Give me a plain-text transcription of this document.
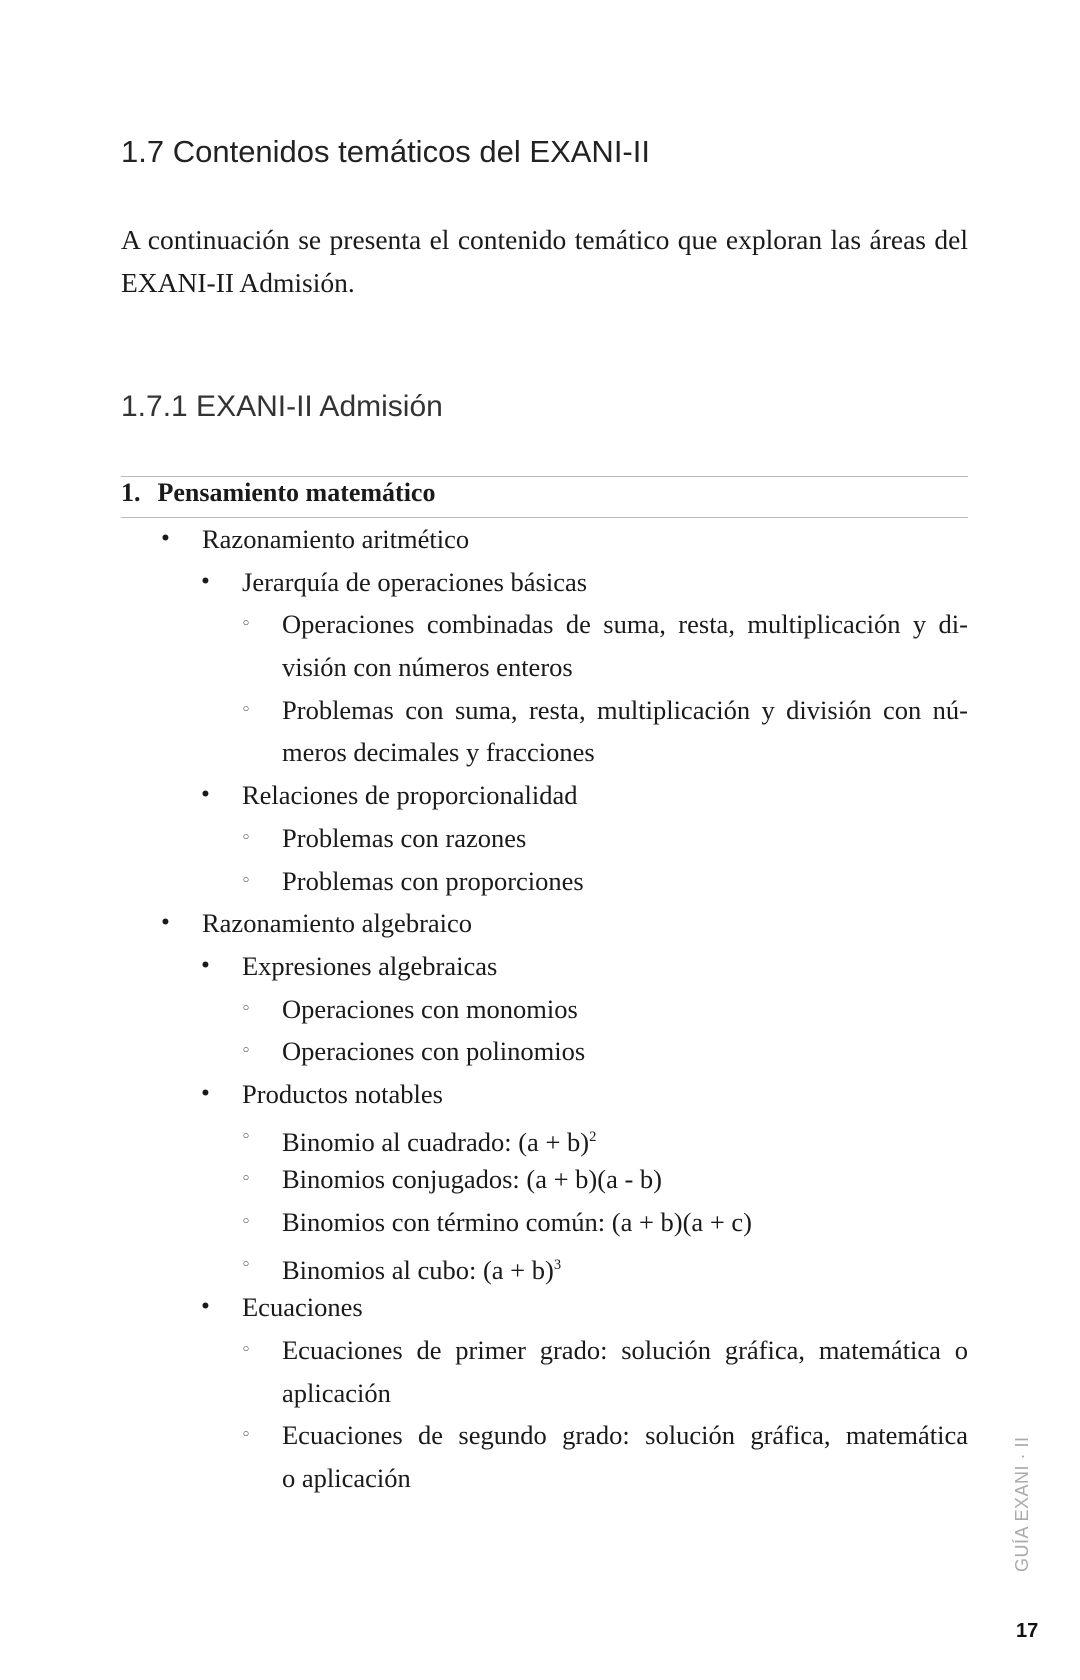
1.7 Contenidos temáticos del EXANI-II
A continuación se presenta el contenido temático que exploran las áreas del EXANI-II Admisión.
1.7.1 EXANI-II Admisión
1. Pensamiento matemático
• Razonamiento aritmético
• Jerarquía de operaciones básicas
◦ Operaciones combinadas de suma, resta, multiplicación y di-
visión con números enteros
◦ Problemas con suma, resta, multiplicación y división con nú-
meros decimales y fracciones
• Relaciones de proporcionalidad
◦ Problemas con razones
◦ Problemas con proporciones
• Razonamiento algebraico
• Expresiones algebraicas
◦ Operaciones con monomios
◦ Operaciones con polinomios
• Productos notables
◦ Binomio al cuadrado: $(a + b)^2$
◦ Binomios conjugados: (a + b)(a - b)
◦ Binomios con término común: (a + b)(a + c)
◦ Binomios al cubo: $(a + b)^3$
• Ecuaciones
◦ Ecuaciones de primer grado: solución gráfica, matemática o
aplicación
◦ Ecuaciones de segundo grado: solución gráfica, matemática
o aplicación	GUÍA EXANI · II
17
